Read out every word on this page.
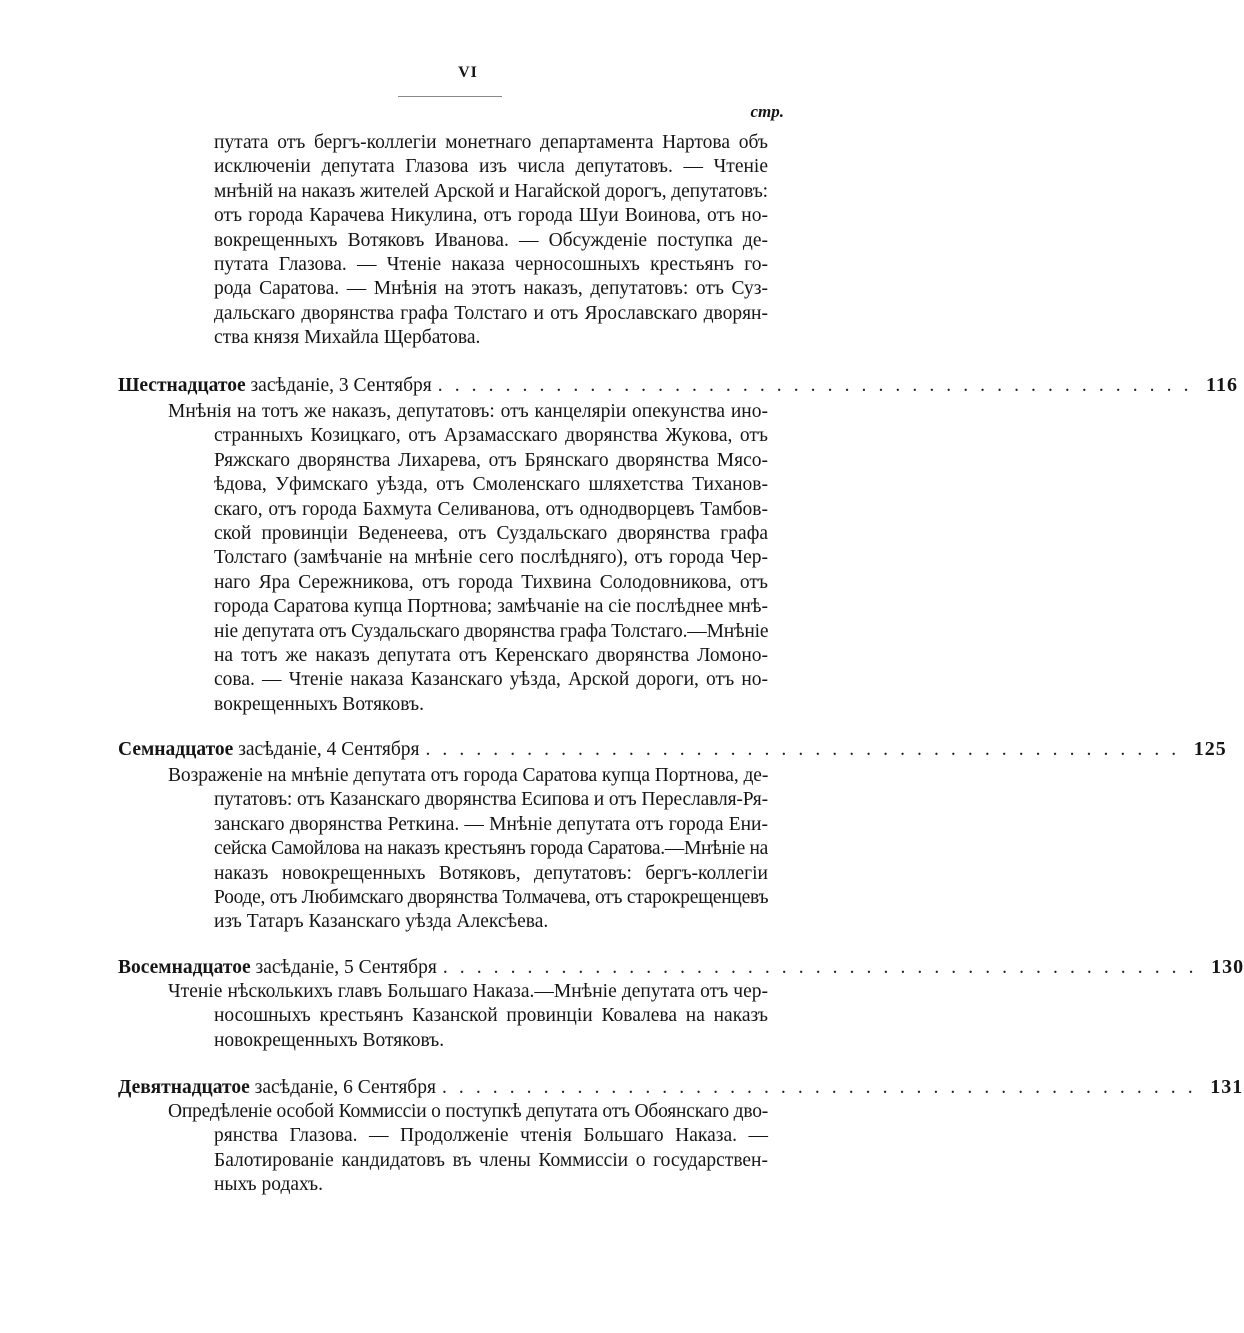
VI
стр.
путата отъ бергъ-коллегіи монетнаго департамента Нартова объ
исключеніи депутата Глазова изъ числа депутатовъ. — Чтеніе
мнѣній на наказъ жителей Арской и Нагайской дорогъ, депутатовъ:
отъ города Карачева Никулина, отъ города Шуи Воинова, отъ но-
вокрещенныхъ Вотяковъ Иванова. — Обсужденіе поступка де-
путата Глазова. — Чтеніе наказа черносошныхъ крестьянъ го-
рода Саратова. — Мнѣнія на этотъ наказъ, депутатовъ: отъ Суз-
дальскаго дворянства графа Толстаго и отъ Ярославскаго дворян-
ства князя Михайла Щербатова.
Шестнадцатое засѣданіе, 3 Сентября . . . . . . . . . . . . . . . . . . . . . . . . . . . . . . . . . . . . . . . . . . . . . 116
Мнѣнія на тотъ же наказъ, депутатовъ: отъ канцеляріи опекунства ино-
странныхъ Козицкаго, отъ Арзамасскаго дворянства Жукова, отъ
Ряжскаго дворянства Лихарева, отъ Брянскаго дворянства Мясо-
ѣдова, Уфимскаго уѣзда, отъ Смоленскаго шляхетства Тиханов-
скаго, отъ города Бахмута Селиванова, отъ однодворцевъ Тамбов-
ской провинціи Веденеева, отъ Суздальскаго дворянства графа
Толстаго (замѣчаніе на мнѣніе сего послѣдняго), отъ города Чер-
наго Яра Сережникова, отъ города Тихвина Солодовникова, отъ
города Саратова купца Портнова; замѣчаніе на сіе послѣднее мнѣ-
ніе депутата отъ Суздальскаго дворянства графа Толстаго.—Мнѣніе
на тотъ же наказъ депутата отъ Керенскаго дворянства Ломоно-
сова. — Чтеніе наказа Казанскаго уѣзда, Арской дороги, отъ но-
вокрещенныхъ Вотяковъ.
Семнадцатое засѣданіе, 4 Сентября . . . . . . . . . . . . . . . . . . . . . . . . . . . . . . . . . . . . . . . . . . . . . 125
Возраженіе на мнѣніе депутата отъ города Саратова купца Портнова, де-
путатовъ: отъ Казанскаго дворянства Есипова и отъ Переславля-Ря-
занскаго дворянства Реткина. — Мнѣніе депутата отъ города Ени-
сейска Самойлова на наказъ крестьянъ города Саратова.—Мнѣніе на
наказъ новокрещенныхъ Вотяковъ, депутатовъ: бергъ-коллегіи
Роодe, отъ Любимскаго дворянства Толмачева, отъ старокрещенцевъ
изъ Татаръ Казанскаго уѣзда Алексѣева.
Восемнадцатое засѣданіе, 5 Сентября . . . . . . . . . . . . . . . . . . . . . . . . . . . . . . . . . . . . . . . . . . . . . 130
Чтеніе нѣсколькихъ главъ Большаго Наказа.—Мнѣніе депутата отъ чер-
носошныхъ крестьянъ Казанской провинціи Ковалева на наказъ
новокрещенныхъ Вотяковъ.
Девятнадцатое засѣданіе, 6 Сентября . . . . . . . . . . . . . . . . . . . . . . . . . . . . . . . . . . . . . . . . . . . . . 131
Опредѣленіе особой Коммиссіи о поступкѣ депутата отъ Обоянскаго дво-
рянства Глазова. — Продолженіе чтенія Большаго Наказа. —
Балотированіе кандидатовъ въ члены Коммиссіи о государствен-
ныхъ родахъ.
